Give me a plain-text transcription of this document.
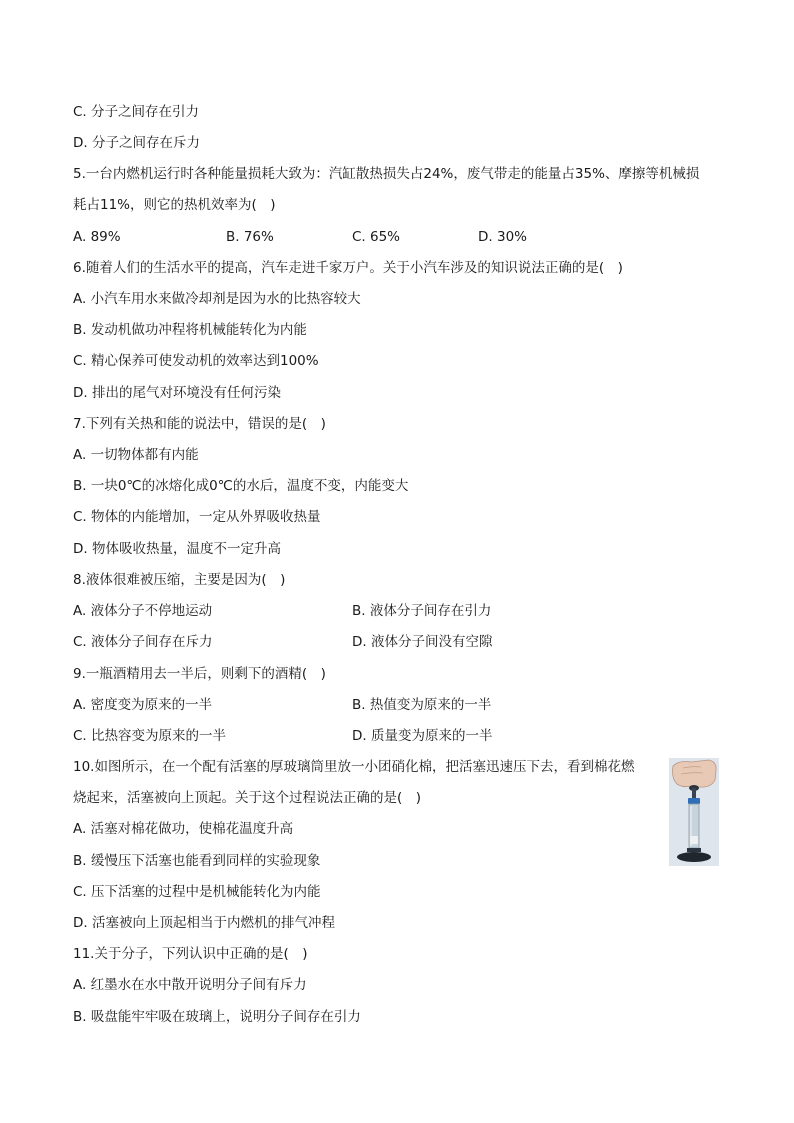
C. 分子之间存在引力
D. 分子之间存在斥力
5.一台内燃机运行时各种能量损耗大致为：汽缸散热损失占24%，废气带走的能量占35%、摩擦等机械损
耗占11%，则它的热机效率为(　)
A. 89%	B. 76%	C. 65%	D. 30%
6.随着人们的生活水平的提高，汽车走进千家万户。关于小汽车涉及的知识说法正确的是(　)
A. 小汽车用水来做冷却剂是因为水的比热容较大
B. 发动机做功冲程将机械能转化为内能
C. 精心保养可使发动机的效率达到100%
D. 排出的尾气对环境没有任何污染
7.下列有关热和能的说法中，错误的是(　)
A. 一切物体都有内能
B. 一块0℃的冰熔化成0℃的水后，温度不变，内能变大
C. 物体的内能增加，一定从外界吸收热量
D. 物体吸收热量，温度不一定升高
8.液体很难被压缩，主要是因为(　)
A. 液体分子不停地运动	B. 液体分子间存在引力
C. 液体分子间存在斥力	D. 液体分子间没有空隙
9.一瓶酒精用去一半后，则剩下的酒精(　)
A. 密度变为原来的一半	B. 热值变为原来的一半
C. 比热容变为原来的一半	D. 质量变为原来的一半
10.如图所示，在一个配有活塞的厚玻璃筒里放一小团硝化棉，把活塞迅速压下去，看到棉花燃
烧起来，活塞被向上顶起。关于这个过程说法正确的是(　)
A. 活塞对棉花做功，使棉花温度升高
B. 缓慢压下活塞也能看到同样的实验现象
C. 压下活塞的过程中是机械能转化为内能
D. 活塞被向上顶起相当于内燃机的排气冲程
11.关于分子，下列认识中正确的是(　)
A. 红墨水在水中散开说明分子间有斥力
B. 吸盘能牢牢吸在玻璃上，说明分子间存在引力
